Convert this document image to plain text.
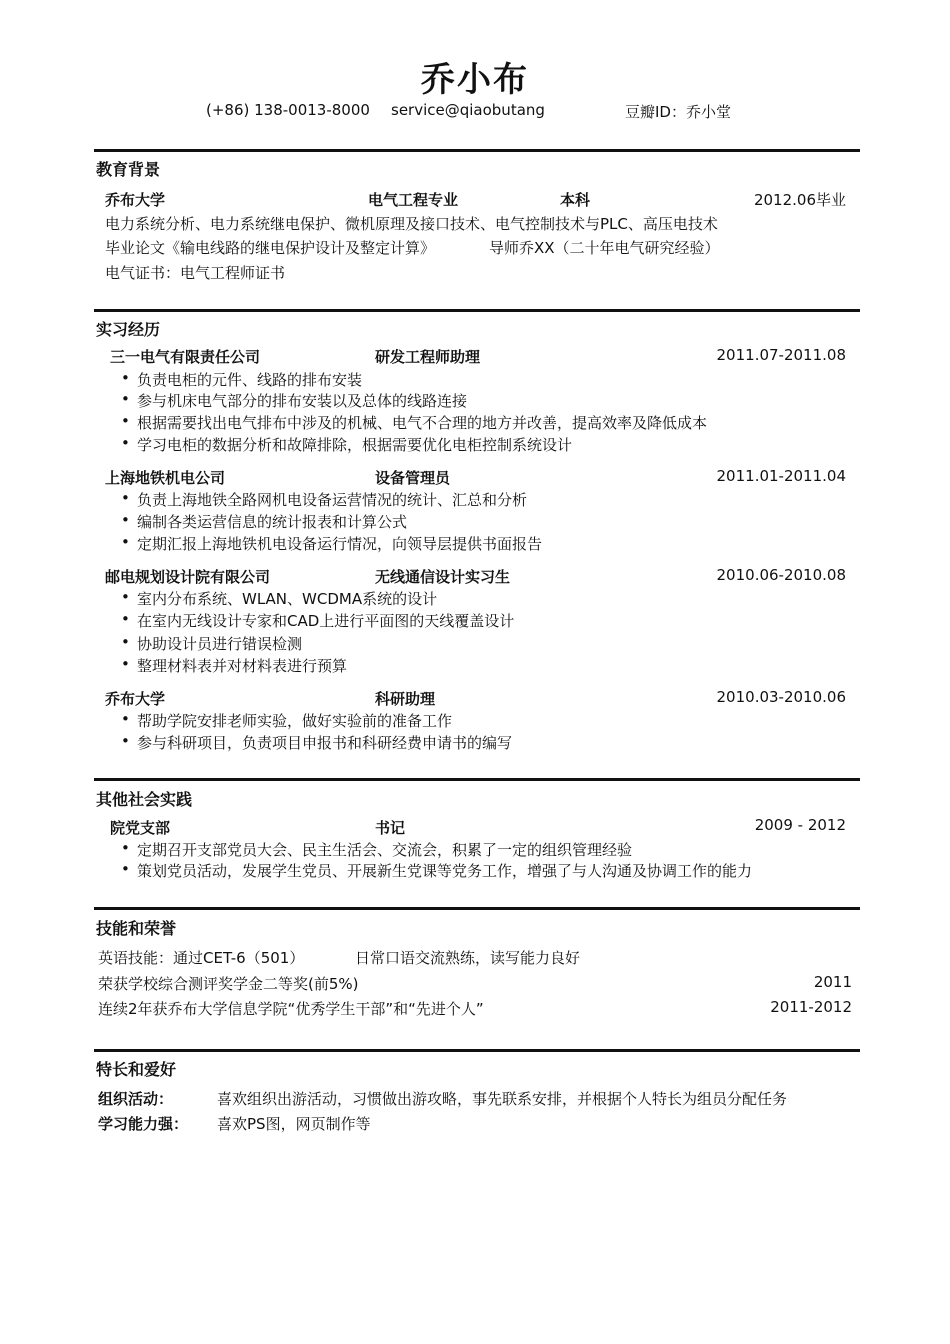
乔小布
(+86) 138-0013-8000 service@qiaobutang	豆瓣ID：乔小堂
教育背景
乔布大学	电气工程专业	本科	2012.06毕业
电力系统分析、电力系统继电保护、微机原理及接口技术、电气控制技术与PLC、高压电技术
毕业论文《输电线路的继电保护设计及整定计算》	导师乔XX（二十年电气研究经验）
电气证书：电气工程师证书
实习经历
三一电气有限责任公司	研发工程师助理	2011.07-2011.08
• 负责电柜的元件、线路的排布安装
• 参与机床电气部分的排布安装以及总体的线路连接
• 根据需要找出电气排布中涉及的机械、电气不合理的地方并改善，提高效率及降低成本
• 学习电柜的数据分析和故障排除，根据需要优化电柜控制系统设计
上海地铁机电公司	设备管理员	2011.01-2011.04
• 负责上海地铁全路网机电设备运营情况的统计、汇总和分析
• 编制各类运营信息的统计报表和计算公式
• 定期汇报上海地铁机电设备运行情况，向领导层提供书面报告
邮电规划设计院有限公司	无线通信设计实习生	2010.06-2010.08
• 室内分布系统、WLAN、WCDMA系统的设计
• 在室内无线设计专家和CAD上进行平面图的天线覆盖设计
• 协助设计员进行错误检测
• 整理材料表并对材料表进行预算
乔布大学	科研助理	2010.03-2010.06
• 帮助学院安排老师实验，做好实验前的准备工作
• 参与科研项目，负责项目申报书和科研经费申请书的编写
其他社会实践
院党支部	书记	2009 - 2012
• 定期召开支部党员大会、民主生活会、交流会，积累了一定的组织管理经验
• 策划党员活动，发展学生党员、开展新生党课等党务工作，增强了与人沟通及协调工作的能力
技能和荣誉
英语技能：通过CET-6（501）	日常口语交流熟练，读写能力良好
荣获学校综合测评奖学金二等奖(前5%)	2011
连续2年获乔布大学信息学院“优秀学生干部”和“先进个人”	2011-2012
特长和爱好
组织活动：	喜欢组织出游活动，习惯做出游攻略，事先联系安排，并根据个人特长为组员分配任务
学习能力强： 喜欢PS图，网页制作等
